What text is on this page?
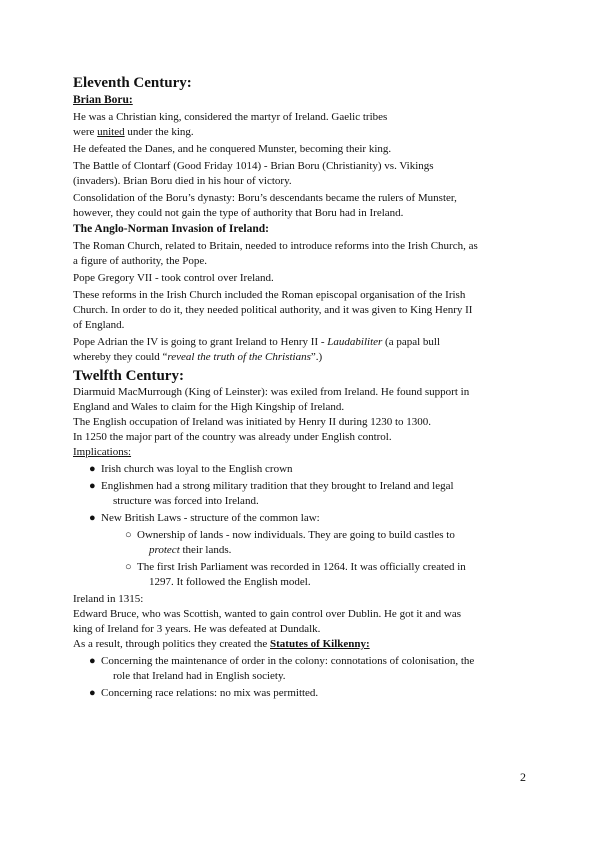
Eleventh Century:
Brian Boru:

He was a Christian king, considered the martyr of Ireland. Gaelic tribes
were united under the king.

He defeated the Danes, and he conquered Munster, becoming their king.

The Battle of Clontarf (Good Friday 1014) - Brian Boru (Christianity) vs. Vikings
(invaders). Brian Boru died in his hour of victory.

Consolidation of the Boru’s dynasty: Boru’s descendants became the rulers of Munster,
however, they could not gain the type of authority that Boru had in Ireland.

The Anglo-Norman Invasion of Ireland:

The Roman Church, related to Britain, needed to introduce reforms into the Irish Church, as
a figure of authority, the Pope.

Pope Gregory VII - took control over Ireland.

These reforms in the Irish Church included the Roman episcopal organisation of the Irish
Church. In order to do it, they needed political authority, and it was given to King Henry II
of England.

Pope Adrian the IV is going to grant Ireland to Henry II - Laudabiliter (a papal bull
whereby they could “reveal the truth of the Christians”.)

Twelfth Century:

Diarmuid MacMurrough (King of Leinster): was exiled from Ireland. He found support in
England and Wales to claim for the High Kingship of Ireland.

The English occupation of Ireland was initiated by Henry II during 1230 to 1300.

In 1250 the major part of the country was already under English control.

Implications:

● Irish church was loyal to the English crown
● Englishmen had a strong military tradition that they brought to Ireland and legal
structure was forced into Ireland.
● New British Laws - structure of the common law:
○ Ownership of lands - now individuals. They are going to build castles to
protect their lands.
○ The first Irish Parliament was recorded in 1264. It was officially created in
1297. It followed the English model.

Ireland in 1315:

Edward Bruce, who was Scottish, wanted to gain control over Dublin. He got it and was
king of Ireland for 3 years. He was defeated at Dundalk.

As a result, through politics they created the Statutes of Kilkenny:

● Concerning the maintenance of order in the colony: connotations of colonisation, the
role that Ireland had in English society.
● Concerning race relations: no mix was permitted.
2
